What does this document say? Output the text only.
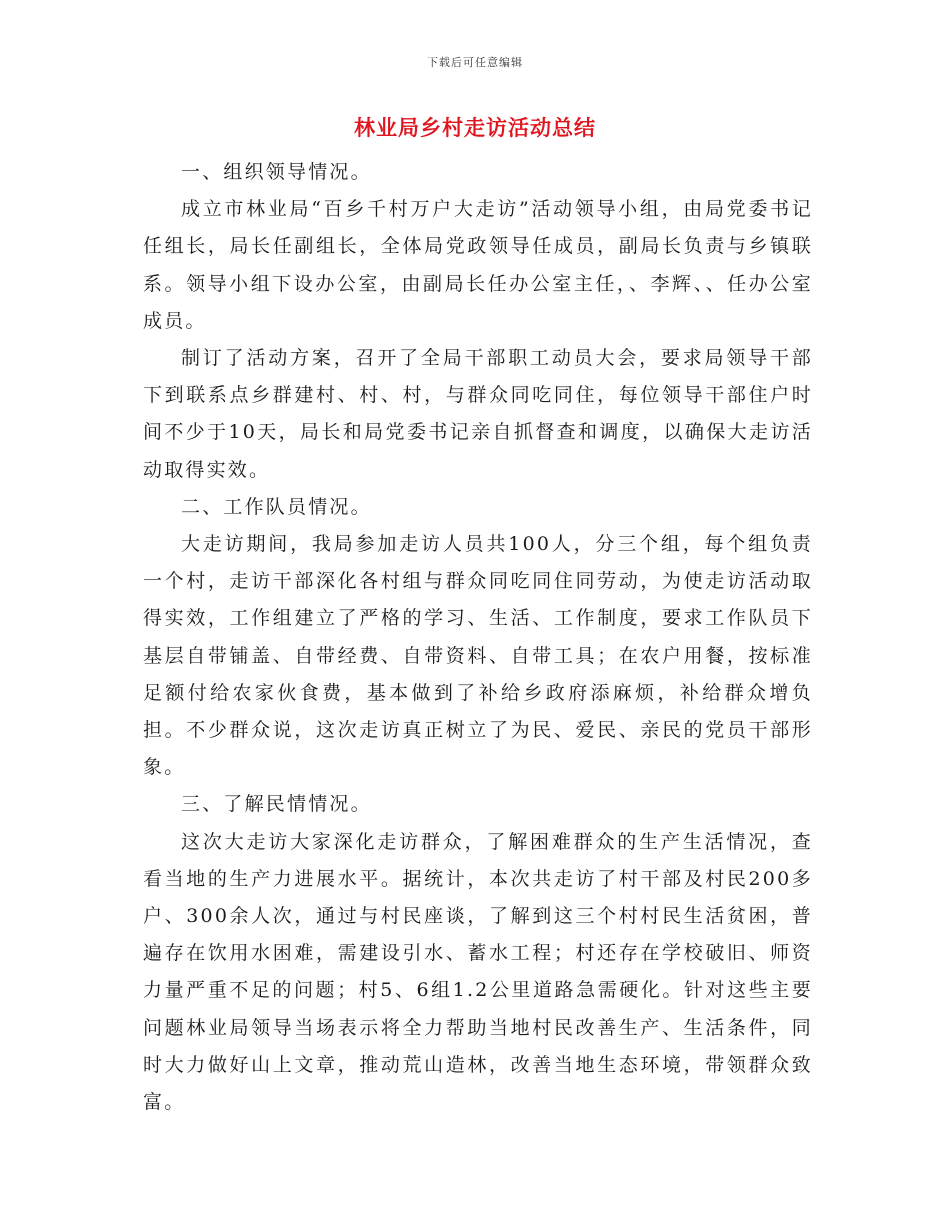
下载后可任意编辑
林业局乡村走访活动总结

一、组织领导情况。

成立市林业局“百乡千村万户大走访”活动领导小组，由局党委书记任组长，局长任副组长，全体局党政领导任成员，副局长负责与乡镇联系。领导小组下设办公室，由副局长任办公室主任，、李辉、、任办公室成员。

制订了活动方案，召开了全局干部职工动员大会，要求局领导干部下到联系点乡群建村、村、村，与群众同吃同住，每位领导干部住户时间不少于10天，局长和局党委书记亲自抓督查和调度，以确保大走访活动取得实效。

二、工作队员情况。

大走访期间，我局参加走访人员共100人，分三个组，每个组负责一个村，走访干部深化各村组与群众同吃同住同劳动，为使走访活动取得实效，工作组建立了严格的学习、生活、工作制度，要求工作队员下基层自带铺盖、自带经费、自带资料、自带工具；在农户用餐，按标准足额付给农家伙食费，基本做到了补给乡政府添麻烦，补给群众增负担。不少群众说，这次走访真正树立了为民、爱民、亲民的党员干部形象。

三、了解民情情况。

这次大走访大家深化走访群众，了解困难群众的生产生活情况，查看当地的生产力进展水平。据统计，本次共走访了村干部及村民200多户、300余人次，通过与村民座谈，了解到这三个村村民生活贫困，普遍存在饮用水困难，需建设引水、蓄水工程；村还存在学校破旧、师资力量严重不足的问题；村5、6组1.2公里道路急需硬化。针对这些主要问题林业局领导当场表示将全力帮助当地村民改善生产、生活条件，同时大力做好山上文章，推动荒山造林，改善当地生态环境，带领群众致富。
